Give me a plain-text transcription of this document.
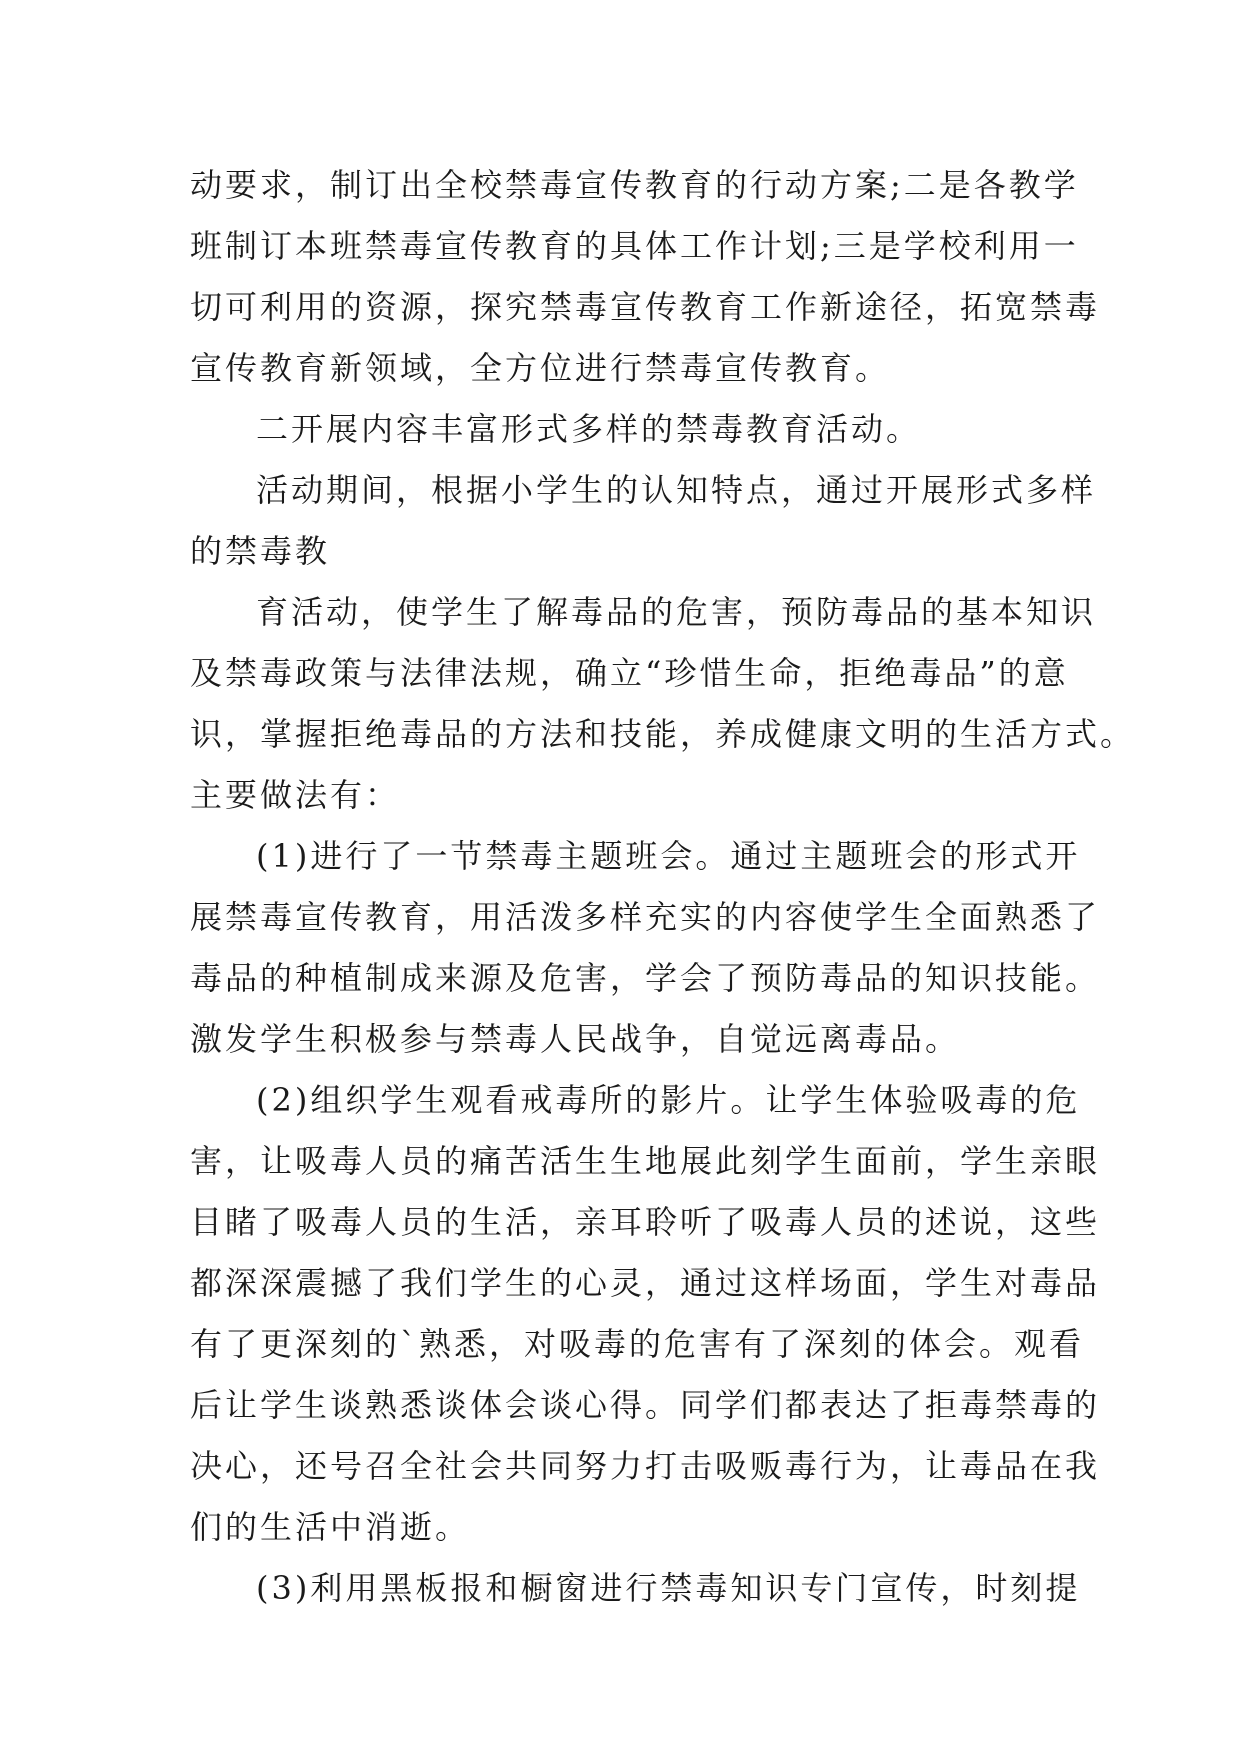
动要求，制订出全校禁毒宣传教育的行动方案;二是各教学
班制订本班禁毒宣传教育的具体工作计划;三是学校利用一
切可利用的资源，探究禁毒宣传教育工作新途径，拓宽禁毒
宣传教育新领域，全方位进行禁毒宣传教育。
二开展内容丰富形式多样的禁毒教育活动。
活动期间，根据小学生的认知特点，通过开展形式多样
的禁毒教
育活动，使学生了解毒品的危害，预防毒品的基本知识
及禁毒政策与法律法规，确立“珍惜生命，拒绝毒品”的意
识，掌握拒绝毒品的方法和技能，养成健康文明的生活方式。
主要做法有：
(1)进行了一节禁毒主题班会。通过主题班会的形式开
展禁毒宣传教育，用活泼多样充实的内容使学生全面熟悉了
毒品的种植制成来源及危害，学会了预防毒品的知识技能。
激发学生积极参与禁毒人民战争，自觉远离毒品。
(2)组织学生观看戒毒所的影片。让学生体验吸毒的危
害，让吸毒人员的痛苦活生生地展此刻学生面前，学生亲眼
目睹了吸毒人员的生活，亲耳聆听了吸毒人员的述说，这些
都深深震撼了我们学生的心灵，通过这样场面，学生对毒品
有了更深刻的`熟悉，对吸毒的危害有了深刻的体会。观看
后让学生谈熟悉谈体会谈心得。同学们都表达了拒毒禁毒的
决心，还号召全社会共同努力打击吸贩毒行为，让毒品在我
们的生活中消逝。
(3)利用黑板报和橱窗进行禁毒知识专门宣传，时刻提
